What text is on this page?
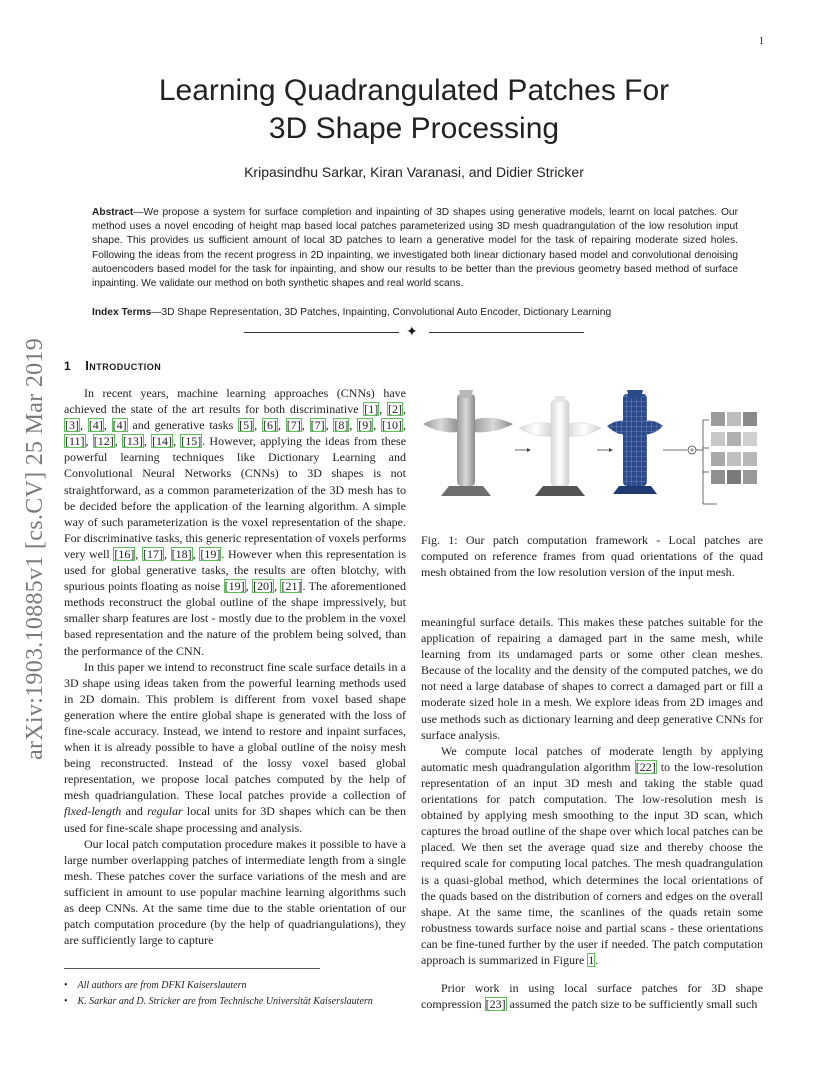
1
arXiv:1903.10885v1 [cs.CV] 25 Mar 2019
Learning Quadrangulated Patches For
3D Shape Processing
Kripasindhu Sarkar, Kiran Varanasi, and Didier Stricker
Abstract—We propose a system for surface completion and inpainting of 3D shapes using generative models, learnt on local patches. Our method uses a novel encoding of height map based local patches parameterized using 3D mesh quadrangulation of the low resolution input shape. This provides us sufficient amount of local 3D patches to learn a generative model for the task of repairing moderate sized holes. Following the ideas from the recent progress in 2D inpainting, we investigated both linear dictionary based model and convolutional denoising autoencoders based model for the task for inpainting, and show our results to be better than the previous geometry based method of surface inpainting. We validate our method on both synthetic shapes and real world scans.
Index Terms—3D Shape Representation, 3D Patches, Inpainting, Convolutional Auto Encoder, Dictionary Learning
✦
1 Introduction

In recent years, machine learning approaches (CNNs) have achieved the state of the art results for both discriminative [1], [2], [3], [4], [4] and generative tasks [5], [6], [7], [7], [8], [9], [10], [11], [12], [13], [14], [15]. However, applying the ideas from these powerful learning techniques like Dictionary Learning and Convolutional Neural Networks (CNNs) to 3D shapes is not straightforward, as a common parameterization of the 3D mesh has to be decided before the application of the learning algorithm. A simple way of such parameterization is the voxel representation of the shape. For discriminative tasks, this generic representation of voxels performs very well [16], [17], [18], [19]. However when this representation is used for global generative tasks, the results are often blotchy, with spurious points floating as noise [19], [20], [21]. The aforementioned methods reconstruct the global outline of the shape impressively, but smaller sharp features are lost - mostly due to the problem in the voxel based representation and the nature of the problem being solved, than the performance of the CNN.

In this paper we intend to reconstruct fine scale surface details in a 3D shape using ideas taken from the powerful learning methods used in 2D domain. This problem is different from voxel based shape generation where the entire global shape is generated with the loss of fine-scale accuracy. Instead, we intend to restore and inpaint surfaces, when it is already possible to have a global outline of the noisy mesh being reconstructed. Instead of the lossy voxel based global representation, we propose local patches computed by the help of mesh quadriangulation. These local patches provide a collection of fixed-length and regular local units for 3D shapes which can be then used for fine-scale shape processing and analysis.

Our local patch computation procedure makes it possible to have a large number overlapping patches of intermediate length from a single mesh. These patches cover the surface variations of the mesh and are sufficient in amount to use popular machine learning algorithms such as deep CNNs. At the same time due to the stable orientation of our patch computation procedure (by the help of quadriangulations), they are sufficiently large to capture

• All authors are from DFKI Kaiserslautern
• K. Sarkar and D. Stricker are from Technische Universität Kaiserslautern
Fig. 1: Our patch computation framework - Local patches are computed on reference frames from quad orientations of the quad mesh obtained from the low resolution version of the input mesh.

meaningful surface details. This makes these patches suitable for the application of repairing a damaged part in the same mesh, while learning from its undamaged parts or some other clean meshes. Because of the locality and the density of the computed patches, we do not need a large database of shapes to correct a damaged part or fill a moderate sized hole in a mesh. We explore ideas from 2D images and use methods such as dictionary learning and deep generative CNNs for surface analysis.

We compute local patches of moderate length by applying automatic mesh quadrangulation algorithm [22] to the low-resolution representation of an input 3D mesh and taking the stable quad orientations for patch computation. The low-resolution mesh is obtained by applying mesh smoothing to the input 3D scan, which captures the broad outline of the shape over which local patches can be placed. We then set the average quad size and thereby choose the required scale for computing local patches. The mesh quadrangulation is a quasi-global method, which determines the local orientations of the quads based on the distribution of corners and edges on the overall shape. At the same time, the scanlines of the quads retain some robustness towards surface noise and partial scans - these orientations can be fine-tuned further by the user if needed. The patch computation approach is summarized in Figure 1.

Prior work in using local surface patches for 3D shape compression [23] assumed the patch size to be sufficiently small such
